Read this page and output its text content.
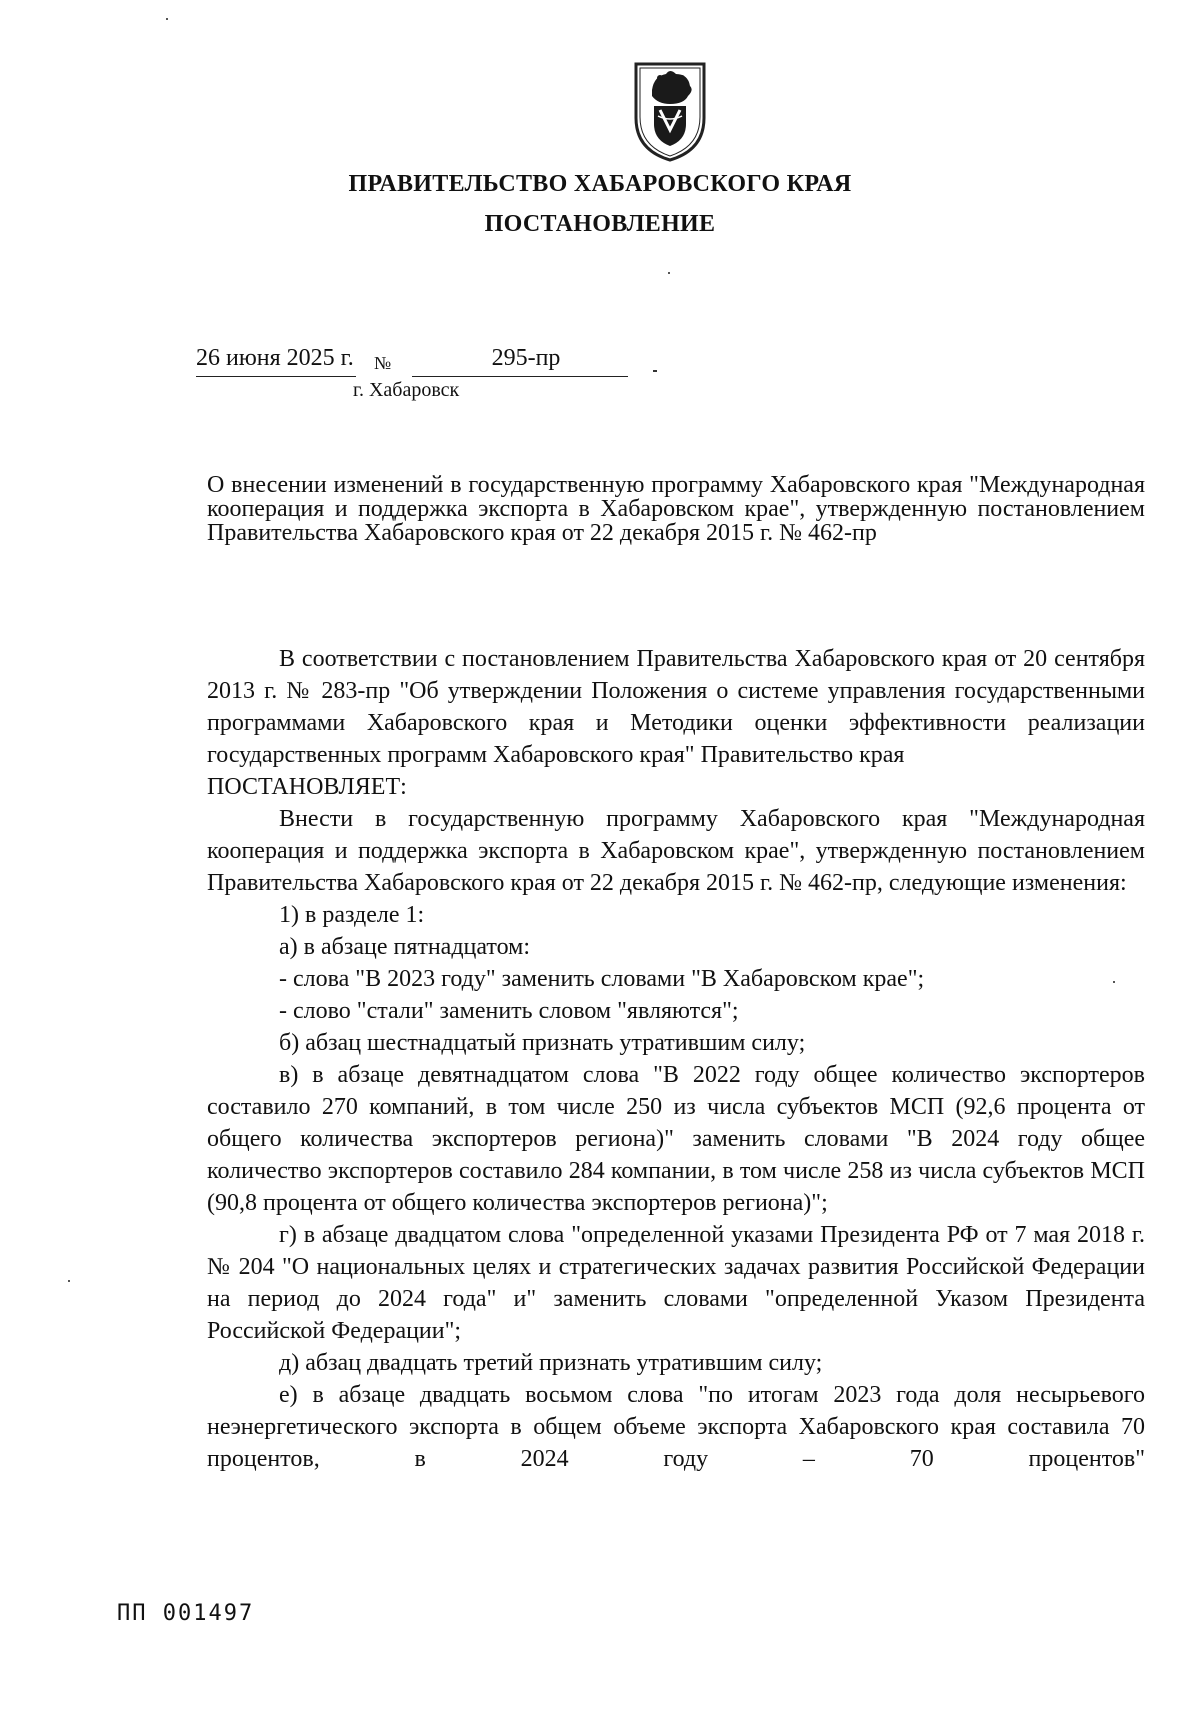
ПРАВИТЕЛЬСТВО ХАБАРОВСКОГО КРАЯ
ПОСТАНОВЛЕНИЕ
26 июня 2025 г.	№	295-пр
г. Хабаровск
О внесении изменений в государственную программу Хабаровского края "Международная кооперация и поддержка экспорта в Хабаровском крае", утвержденную постановлением Правительства Хабаровского края от 22 декабря 2015 г. № 462-пр

В соответствии с постановлением Правительства Хабаровского края от 20 сентября 2013 г. № 283-пр "Об утверждении Положения о системе управления государственными программами Хабаровского края и Методики оценки эффективности реализации государственных программ Хабаровского края" Правительство края

ПОСТАНОВЛЯЕТ:

Внести в государственную программу Хабаровского края "Международная кооперация и поддержка экспорта в Хабаровском крае", утвержденную постановлением Правительства Хабаровского края от 22 декабря 2015 г. № 462-пр, следующие изменения:

1) в разделе 1:

а) в абзаце пятнадцатом:

- слова "В 2023 году" заменить словами "В Хабаровском крае";

- слово "стали" заменить словом "являются";

б) абзац шестнадцатый признать утратившим силу;

в) в абзаце девятнадцатом слова "В 2022 году общее количество экспортеров составило 270 компаний, в том числе 250 из числа субъектов МСП (92,6 процента от общего количества экспортеров региона)" заменить словами "В 2024 году общее количество экспортеров составило 284 компании, в том числе 258 из числа субъектов МСП (90,8 процента от общего количества экспортеров региона)";

г) в абзаце двадцатом слова "определенной указами Президента РФ от 7 мая 2018 г. № 204 "О национальных целях и стратегических задачах развития Российской Федерации на период до 2024 года" и" заменить словами "определенной Указом Президента Российской Федерации";

д) абзац двадцать третий признать утратившим силу;

е) в абзаце двадцать восьмом слова "по итогам 2023 года доля несырьевого неэнергетического экспорта в общем объеме экспорта Хабаровского края составила 70 процентов, в 2024 году – 70 процентов"

ПП 001497
